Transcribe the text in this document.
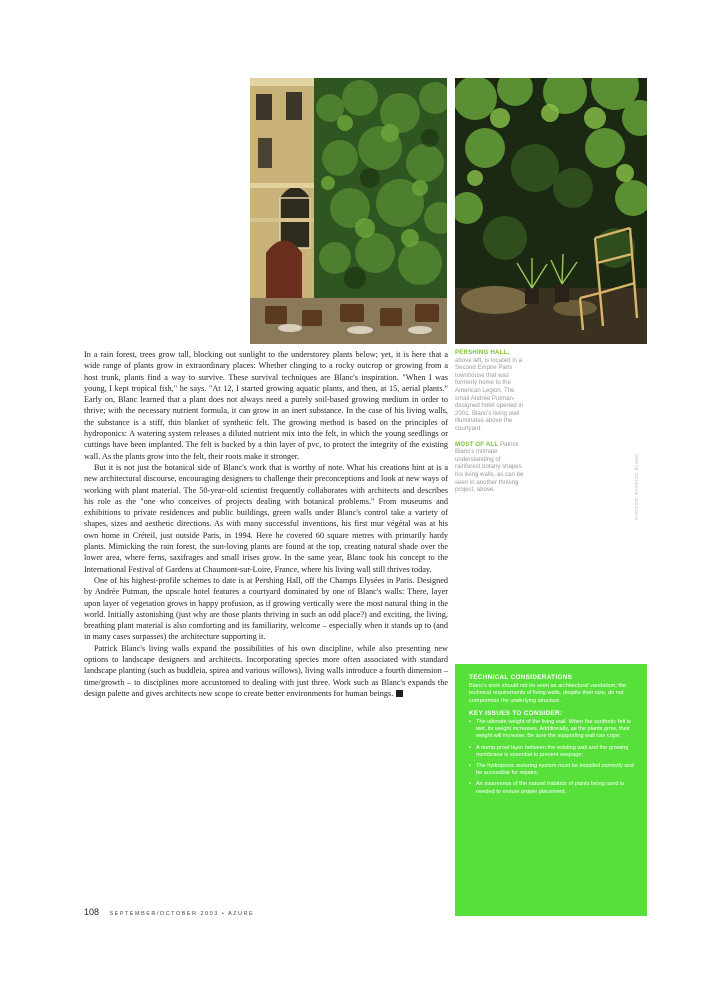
PERSHING HALL, above left, is located in a Second Empire Paris townhouse that was formerly home to the American Legion. The small Andrée Putman-designed hotel opened in 2001. Blanc's living wall illuminates above the courtyard.

MOST OF ALL Patrick Blanc's intimate understanding of rainforest botany shapes his living walls, as can be seen in another thriving project, above.

In a rain forest, trees grow tall, blocking out sunlight to the understorey plants below; yet, it is here that a wide range of plants grow in extraordinary places: Whether clinging to a rocky outcrop or growing from a host trunk, plants find a way to survive. These survival techniques are Blanc's inspiration. "When I was young, I kept tropical fish," he says. "At 12, I started growing aquatic plants, and then, at 15, aerial plants." Early on, Blanc learned that a plant does not always need a purely soil-based growing medium in order to thrive; with the necessary nutrient formula, it can grow in an inert substance. In the case of his living walls, the substance is a stiff, thin blanket of synthetic felt. The growing method is based on the principles of hydroponics: A watering system releases a diluted nutrient mix into the felt, in which the young seedlings or cuttings have been implanted. The felt is backed by a thin layer of pvc, to protect the integrity of the existing wall. As the plants grow into the felt, their roots make it stronger.

But it is not just the botanical side of Blanc's work that is worthy of note. What his creations hint at is a new architectural discourse, encouraging designers to challenge their preconceptions and look at new ways of working with plant material. The 50-year-old scientist frequently collaborates with architects and describes his role as the "one who conceives of projects dealing with botanical problems." From museums and exhibitions to private residences and public buildings, green walls under Blanc's control take a variety of shapes, sizes and aesthetic directions. As with many successful inventions, his first mur végétal was at his own home in Créteil, just outside Paris, in 1994. Here he covered 60 square metres with primarily hardy plants. Mimicking the rain forest, the sun-loving plants are found at the top, creating natural shade over the lower area, where ferns, saxifrages and small irises grow. In the same year, Blanc took his concept to the International Festival of Gardens at Chaumont-sur-Loire, France, where his living wall still thrives today.

One of his highest-profile schemes to date is at Pershing Hall, off the Champs Elysées in Paris. Designed by Andrée Putman, the upscale hotel features a courtyard dominated by one of Blanc's walls: There, layer upon layer of vegetation grows in happy profusion, as if growing vertically were the most natural thing in the world. Initially astonishing (just why are those plants thriving in such an odd place?) and exciting, the living, breathing plant material is also comforting and its familiarity, welcome – especially when it stands up to (and in many cases surpasses) the architecture supporting it.

Patrick Blanc's living walls expand the possibilities of his own discipline, while also presenting new options to landscape designers and architects. Incorporating species more often associated with standard landscape planting (such as buddleia, spirea and various willows), living walls introduce a fourth dimension – time/growth – to disciplines more accustomed to dealing with just three. Work such as Blanc's expands the design palette and gives architects new scope to create better environments for human beings.

PHOTOS: PATRICK BLANC
TECHNICAL CONSIDERATIONS
Blanc's work should not be seen as architectural vandalism; the technical requirements of living walls, despite their size, do not compromise the underlying structure.
KEY ISSUES TO CONSIDER:
• The ultimate weight of the living wall. When the synthetic felt is wet, its weight increases. Additionally, as the plants grow, their weight will increase. Be sure the supporting wall can cope;
• A damp-proof layer between the existing wall and the growing membrane is essential to prevent seepage;
• The hydroponic watering system must be installed correctly and be accessible for repairs;
• An awareness of the natural habitats of plants being used is needed to ensure proper placement.
108 SEPTEMBER/OCTOBER 2003 • AZURE
